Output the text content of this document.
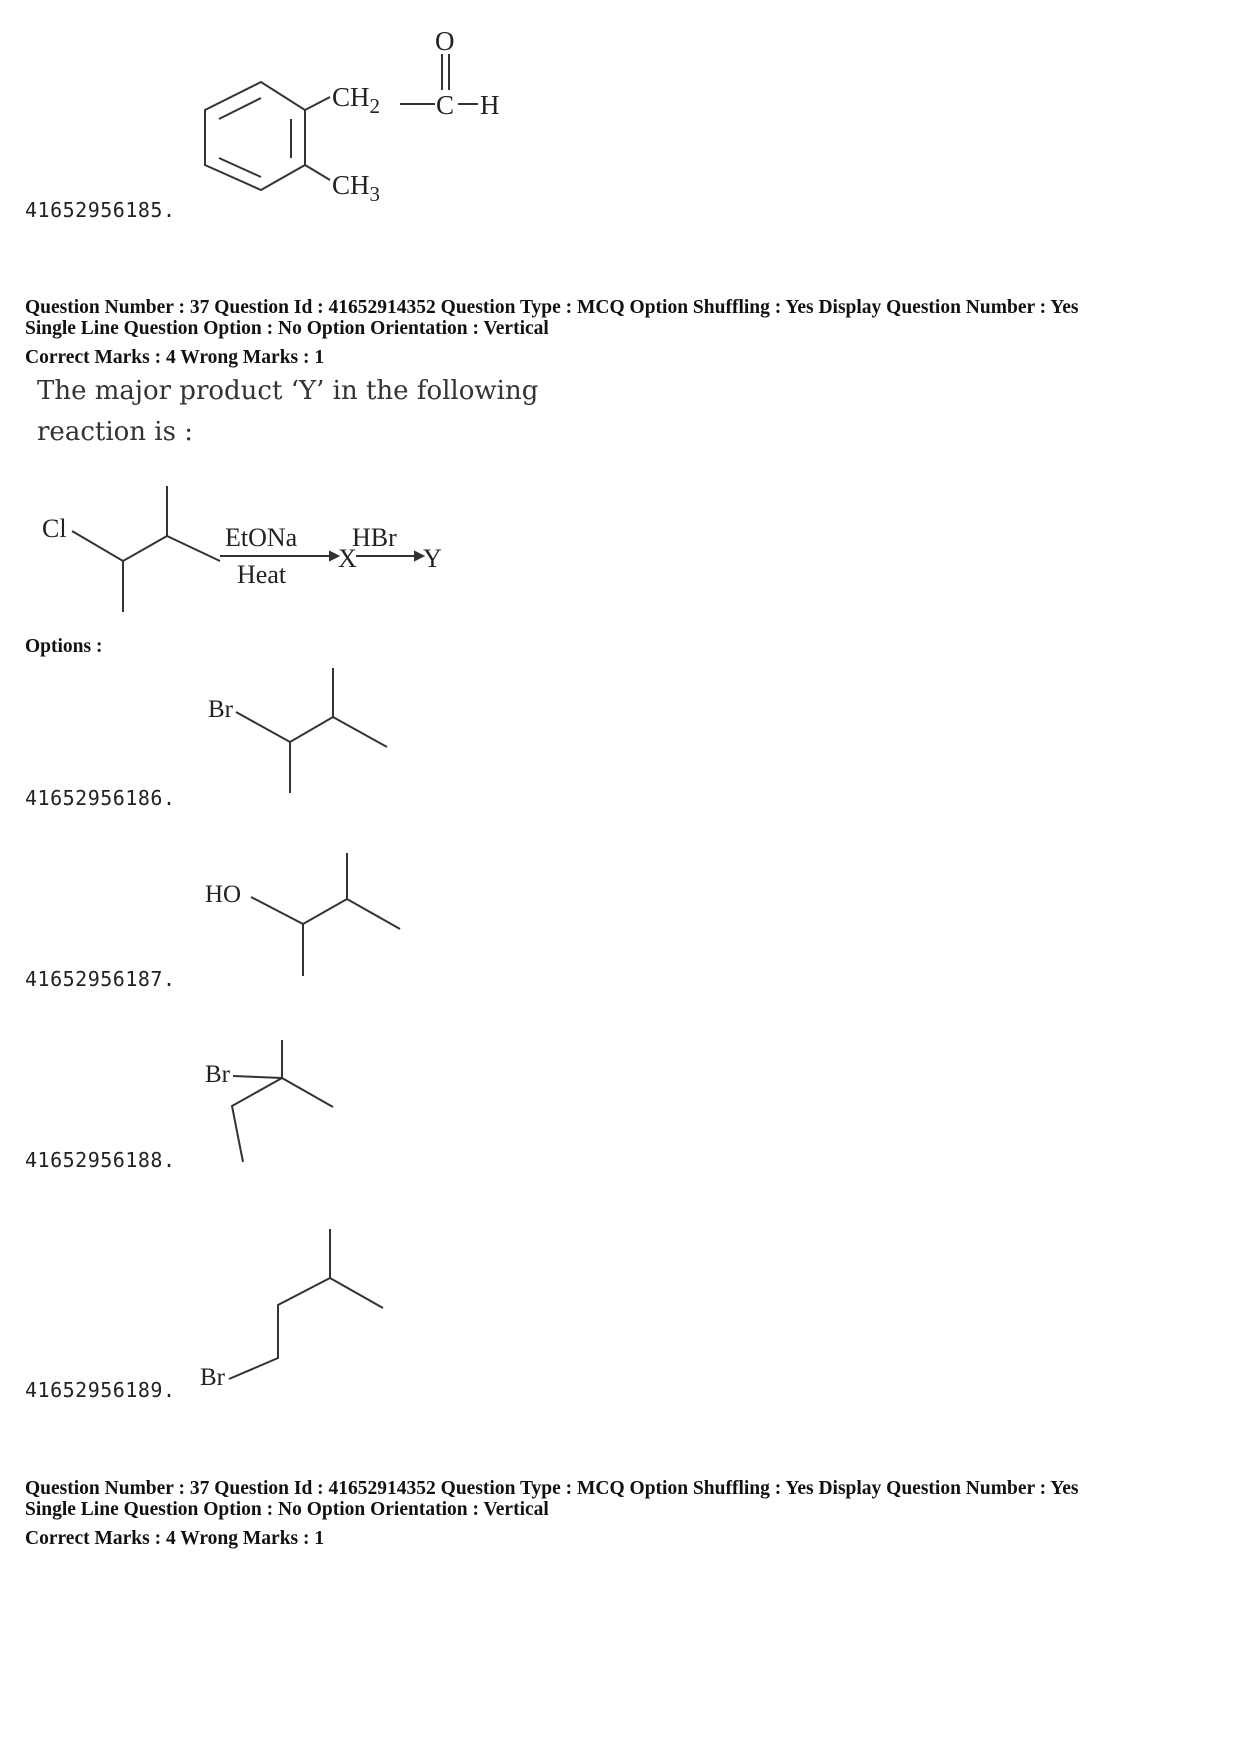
$CH_2$ C
O
H
$CH_3$
41652956185.
Question Number : 37 Question Id : 41652914352 Question Type : MCQ Option Shuffling : Yes Display Question Number : Yes
Single Line Question Option : No Option Orientation : Vertical
Correct Marks : 4 Wrong Marks : 1
The major product ‘Y’ in the following
reaction is :
Cl	EtONa
Heat
X
HBr
Y
Options :
Br
41652956186.
HO
41652956187.
Br
41652956188.
Br
41652956189.
Question Number : 37 Question Id : 41652914352 Question Type : MCQ Option Shuffling : Yes Display Question Number : Yes
Single Line Question Option : No Option Orientation : Vertical
Correct Marks : 4 Wrong Marks : 1
